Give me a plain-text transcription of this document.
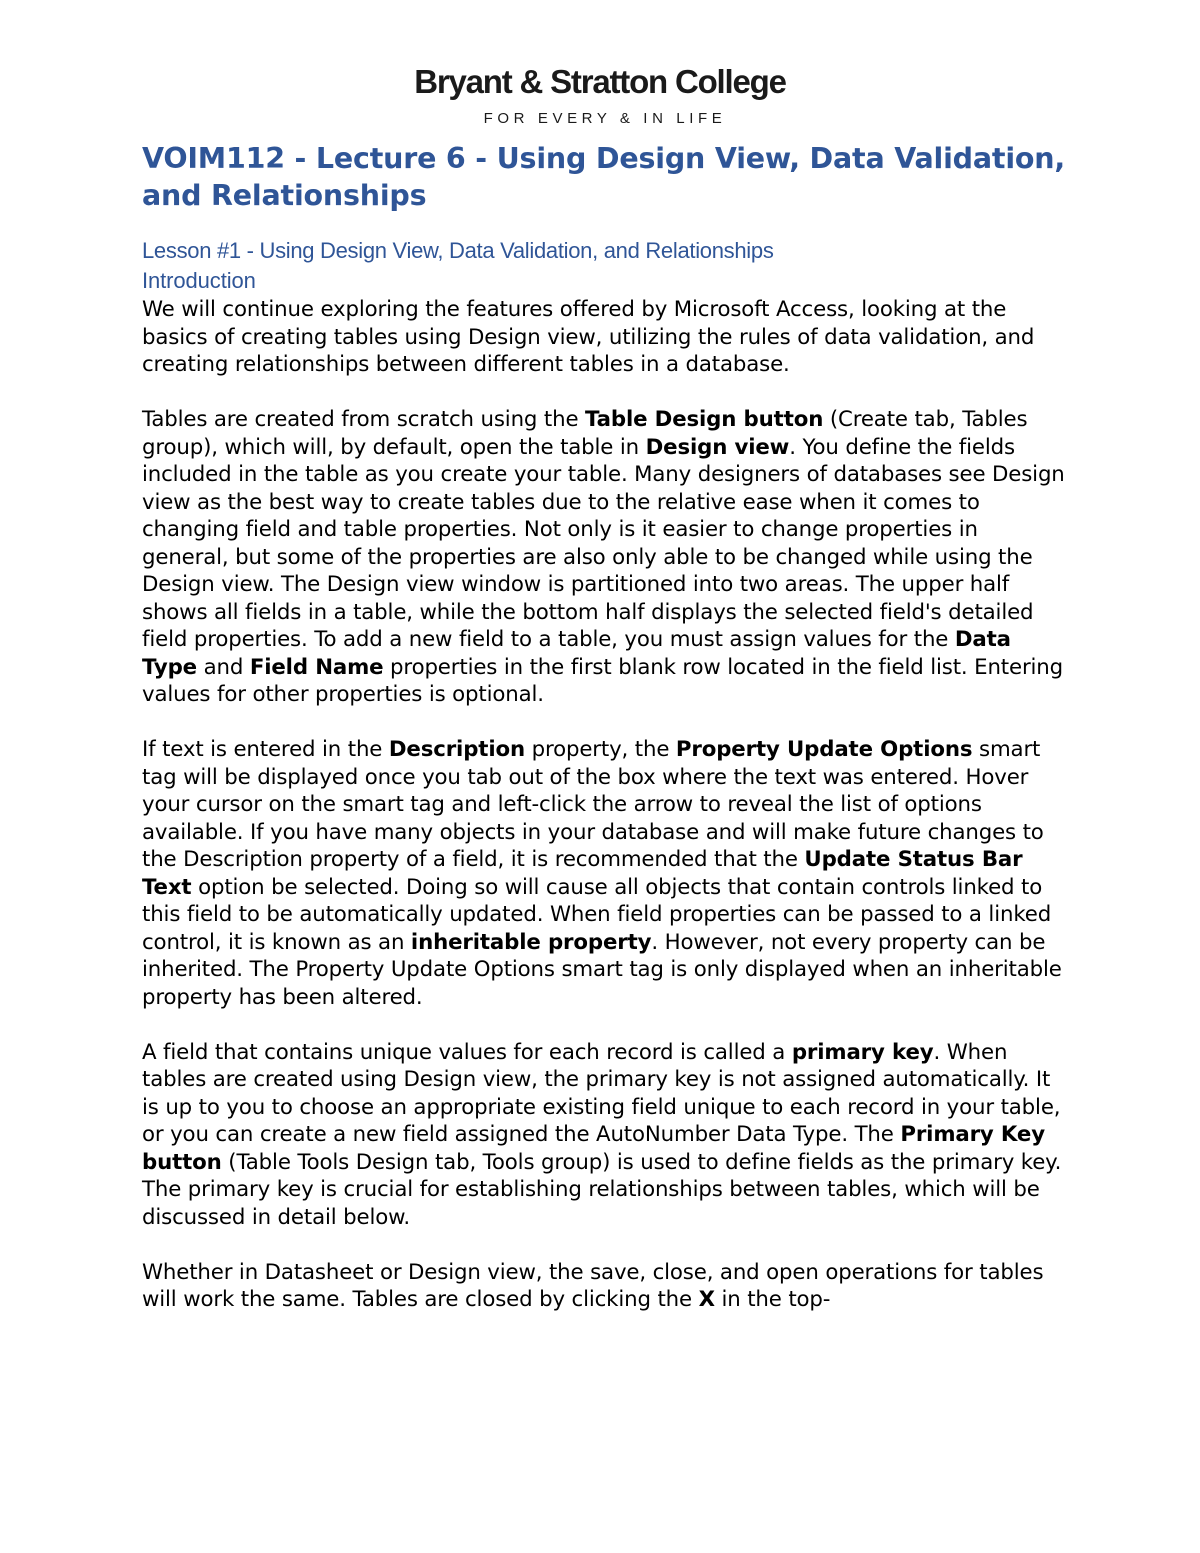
Bryant & Stratton College
FOR EVERY & IN LIFE
VOIM112 - Lecture 6 - Using Design View, Data Validation, and Relationships
Lesson #1 - Using Design View, Data Validation, and Relationships
Introduction

We will continue exploring the features offered by Microsoft Access, looking at the basics of creating tables using Design view, utilizing the rules of data validation, and creating relationships between different tables in a database.

Tables are created from scratch using the Table Design button (Create tab, Tables group), which will, by default, open the table in Design view. You define the fields included in the table as you create your table. Many designers of databases see Design view as the best way to create tables due to the relative ease when it comes to changing field and table properties. Not only is it easier to change properties in general, but some of the properties are also only able to be changed while using the Design view. The Design view window is partitioned into two areas. The upper half shows all fields in a table, while the bottom half displays the selected field's detailed field properties. To add a new field to a table, you must assign values for the Data Type and Field Name properties in the first blank row located in the field list. Entering values for other properties is optional.

If text is entered in the Description property, the Property Update Options smart tag will be displayed once you tab out of the box where the text was entered. Hover your cursor on the smart tag and left-click the arrow to reveal the list of options available. If you have many objects in your database and will make future changes to the Description property of a field, it is recommended that the Update Status Bar Text option be selected. Doing so will cause all objects that contain controls linked to this field to be automatically updated. When field properties can be passed to a linked control, it is known as an inheritable property. However, not every property can be inherited. The Property Update Options smart tag is only displayed when an inheritable property has been altered.

A field that contains unique values for each record is called a primary key. When tables are created using Design view, the primary key is not assigned automatically. It is up to you to choose an appropriate existing field unique to each record in your table, or you can create a new field assigned the AutoNumber Data Type. The Primary Key button (Table Tools Design tab, Tools group) is used to define fields as the primary key. The primary key is crucial for establishing relationships between tables, which will be discussed in detail below.

Whether in Datasheet or Design view, the save, close, and open operations for tables will work the same. Tables are closed by clicking the X in the top-
